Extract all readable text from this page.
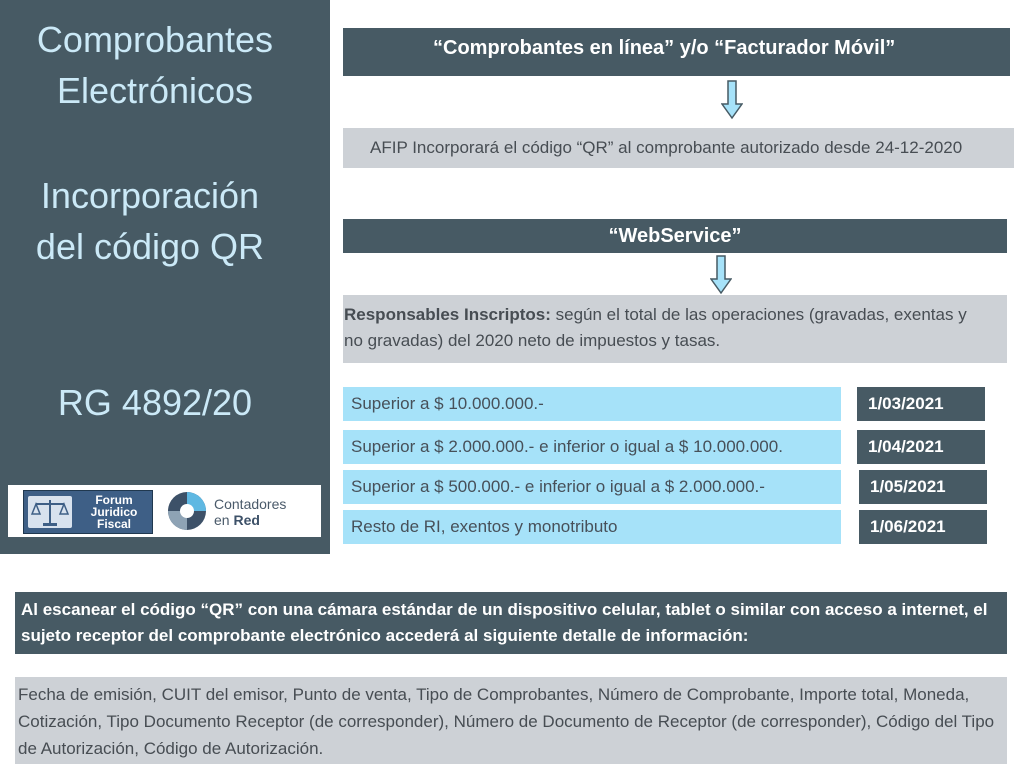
Comprobantes
Electrónicos
Incorporación
del código QR
RG 4892/20
Forum
Juridico
Fiscal
Contadores
en Red
“Comprobantes en línea” y/o “Facturador Móvil”
AFIP Incorporará el código “QR” al comprobante autorizado desde 24-12-2020
“WebService”
Responsables Inscriptos: según el total de las operaciones (gravadas, exentas y no gravadas) del 2020 neto de impuestos y tasas.
Superior a $ 10.000.000.-	1/03/2021
Superior a $ 2.000.000.- e inferior o igual a $ 10.000.000.	1/04/2021
Superior a $ 500.000.- e inferior o igual a $ 2.000.000.-	1/05/2021
Resto de RI, exentos y monotributo	1/06/2021
Al escanear el código “QR” con una cámara estándar de un dispositivo celular, tablet o similar con acceso a internet, el sujeto receptor del comprobante electrónico accederá al siguiente detalle de información:
Fecha de emisión, CUIT del emisor, Punto de venta, Tipo de Comprobantes, Número de Comprobante, Importe total, Moneda, Cotización, Tipo Documento Receptor (de corresponder), Número de Documento de Receptor (de corresponder), Código del Tipo de Autorización, Código de Autorización.
